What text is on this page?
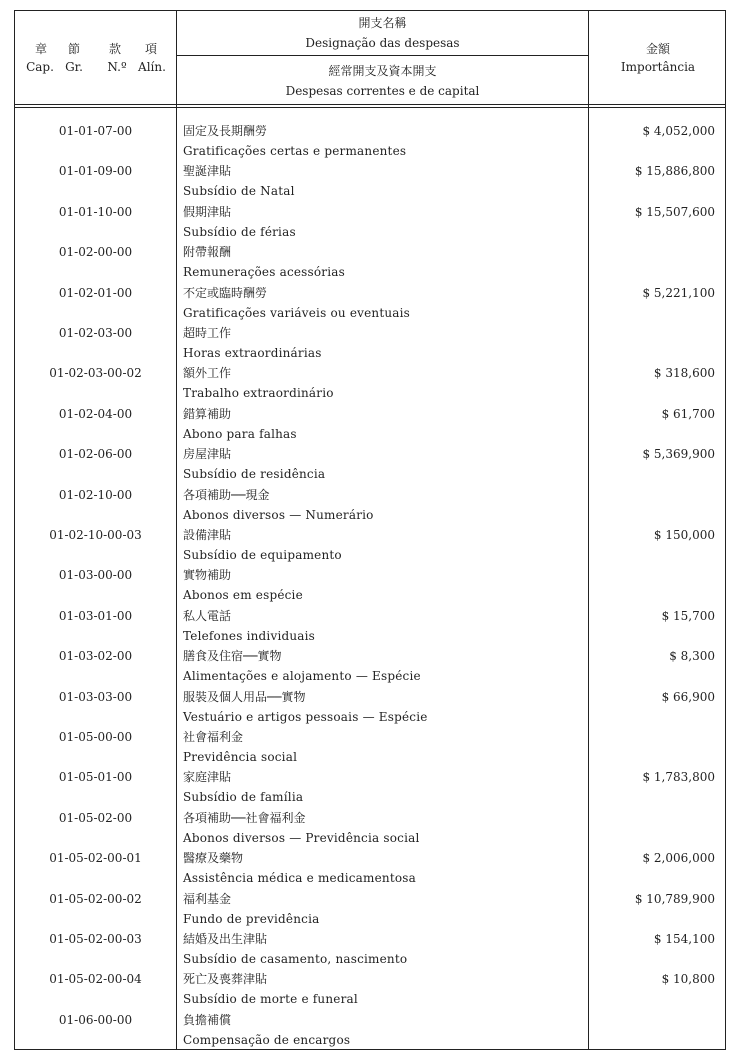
章	節	款	項
Cap. Gr.	N.º Alín.
開支名稱
Designação das despesas
經常開支及資本開支
Despesas correntes e de capital
金額
Importância
01-01-07-00	固定及長期酬勞
Gratificações certas e permanentes
$ 4,052,000
01-01-09-00	聖誕津貼
Subsídio de Natal
$ 15,886,800
01-01-10-00	假期津貼
Subsídio de férias
$ 15,507,600
01-02-00-00	附帶報酬
Remunerações acessórias
01-02-01-00	不定或臨時酬勞
Gratificações variáveis ou eventuais
$ 5,221,100
01-02-03-00	超時工作
Horas extraordinárias
01-02-03-00-02	額外工作
Trabalho extraordinário
$ 318,600
01-02-04-00	錯算補助
Abono para falhas
$ 61,700
01-02-06-00	房屋津貼
Subsídio de residência
$ 5,369,900
01-02-10-00	各項補助──現金
Abonos diversos — Numerário
01-02-10-00-03	設備津貼
Subsídio de equipamento
$ 150,000
01-03-00-00	實物補助
Abonos em espécie
01-03-01-00	私人電話
Telefones individuais
$ 15,700
01-03-02-00	膳食及住宿──實物
Alimentações e alojamento — Espécie
$ 8,300
01-03-03-00	服裝及個人用品──實物
Vestuário e artigos pessoais — Espécie
$ 66,900
01-05-00-00	社會福利金
Previdência social
01-05-01-00	家庭津貼
Subsídio de família
$ 1,783,800
01-05-02-00	各項補助──社會福利金
Abonos diversos — Previdência social
01-05-02-00-01	醫療及藥物
Assistência médica e medicamentosa
$ 2,006,000
01-05-02-00-02	福利基金
Fundo de previdência
$ 10,789,900
01-05-02-00-03	結婚及出生津貼
Subsídio de casamento, nascimento
$ 154,100
01-05-02-00-04	死亡及喪葬津貼
Subsídio de morte e funeral
$ 10,800
01-06-00-00	負擔補償
Compensação de encargos
